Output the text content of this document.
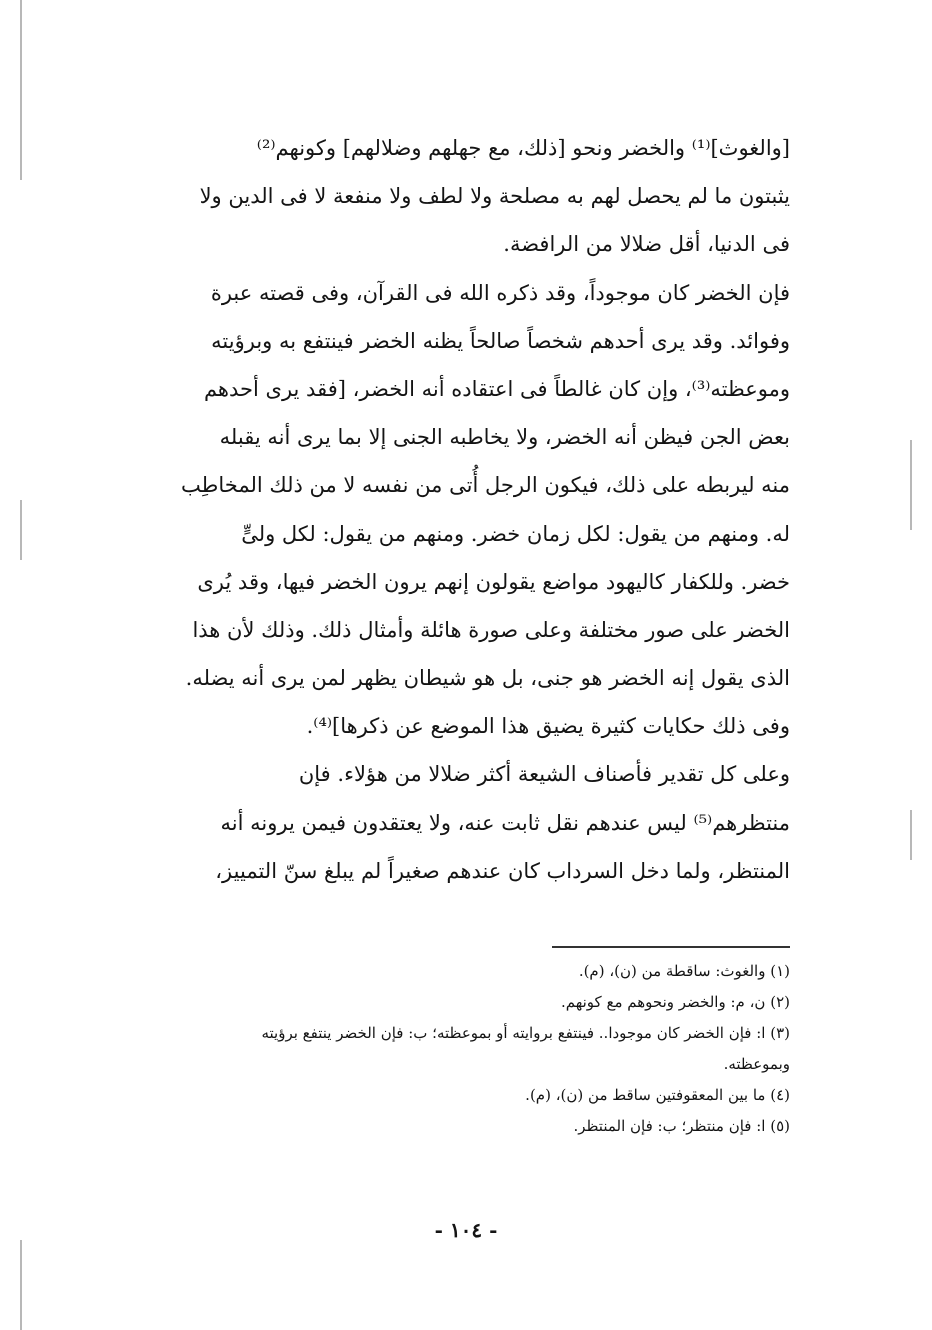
[والغوث]⁽¹⁾ والخضر ونحو [ذلك، مع جهلهم وضلالهم] وكونهم⁽²⁾
يثبتون ما لم يحصل لهم به مصلحة ولا لطف ولا منفعة لا فى الدين ولا
فى الدنيا، أقل ضلالا من الرافضة.
فإن الخضر كان موجوداً، وقد ذكره الله فى القرآن، وفى قصته عبرة
وفوائد. وقد يرى أحدهم شخصاً صالحاً يظنه الخضر فينتفع به وبرؤيته
وموعظته⁽³⁾، وإن كان غالطاً فى اعتقاده أنه الخضر، [فقد يرى أحدهم
بعض الجن فيظن أنه الخضر، ولا يخاطبه الجنى إلا بما يرى أنه يقبله
منه ليربطه على ذلك، فيكون الرجل أُتى من نفسه لا من ذلك المخاطِب
له. ومنهم من يقول: لكل زمان خضر. ومنهم من يقول: لكل ولىٍّ
خضر. وللكفار كاليهود مواضع يقولون إنهم يرون الخضر فيها، وقد يُرى
الخضر على صور مختلفة وعلى صورة هائلة وأمثال ذلك. وذلك لأن هذا
الذى يقول إنه الخضر هو جنى، بل هو شيطان يظهر لمن يرى أنه يضله.
وفى ذلك حكايات كثيرة يضيق هذا الموضع عن ذكرها]⁽⁴⁾.
وعلى كل تقدير فأصناف الشيعة أكثر ضلالا من هؤلاء. فإن
منتظرهم⁽⁵⁾ ليس عندهم نقل ثابت عنه، ولا يعتقدون فيمن يرونه أنه
المنتظر، ولما دخل السرداب كان عندهم صغيراً لم يبلغ سنّ التمييز،
(١) والغوث: ساقطة من (ن)، (م).
(٢) ن، م: والخضر ونحوهم مع كونهم.
(٣) ا: فإن الخضر كان موجودا.. فينتفع بروايته أو بموعظته؛ ب: فإن الخضر ينتفع برؤيته
وبموعظته.
(٤) ما بين المعقوفتين ساقط من (ن)، (م).
(٥) ا: فإن منتظر؛ ب: فإن المنتظر.
- ١٠٤ -
